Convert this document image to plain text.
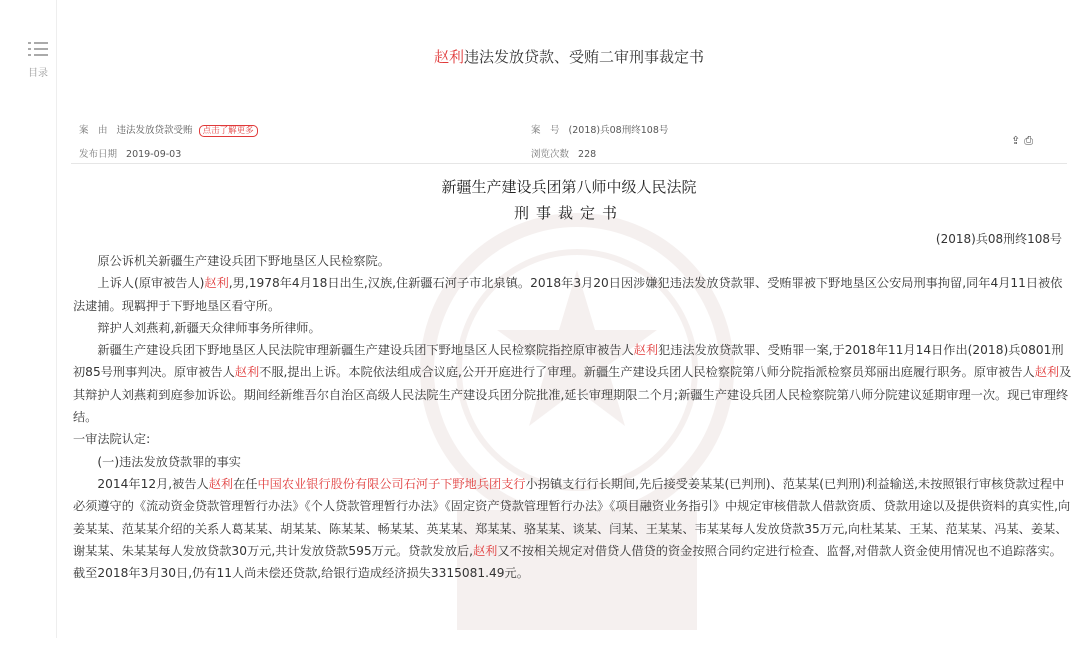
目录
赵利违法发放贷款、受贿二审刑事裁定书
案　由 违法发放贷款受贿 点击了解更多	案　号 (2018)兵08刑终108号
发布日期 2019-09-03	浏览次数 228
⇪ ⎙
新疆生产建设兵团第八师中级人民法院
刑事裁定书
(2018)兵08刑终108号

原公诉机关新疆生产建设兵团下野地垦区人民检察院。

上诉人(原审被告人)赵利,男,1978年4月18日出生,汉族,住新疆石河子市北泉镇。2018年3月20日因涉嫌犯违法发放贷款罪、受贿罪被下野地垦区公安局刑事拘留,同年4月11日被依法逮捕。现羁押于下野地垦区看守所。

辩护人刘燕莉,新疆天众律师事务所律师。

新疆生产建设兵团下野地垦区人民法院审理新疆生产建设兵团下野地垦区人民检察院指控原审被告人赵利犯违法发放贷款罪、受贿罪一案,于2018年11月14日作出(2018)兵0801刑初85号刑事判决。原审被告人赵利不服,提出上诉。本院依法组成合议庭,公开开庭进行了审理。新疆生产建设兵团人民检察院第八师分院指派检察员郑丽出庭履行职务。原审被告人赵利及其辩护人刘燕莉到庭参加诉讼。期间经新维吾尔自治区高级人民法院生产建设兵团分院批准,延长审理期限二个月;新疆生产建设兵团人民检察院第八师分院建议延期审理一次。现已审理终结。

一审法院认定:

(一)违法发放贷款罪的事实

2014年12月,被告人赵利在任中国农业银行股份有限公司石河子下野地兵团支行小拐镇支行行长期间,先后接受姜某某(已判刑)、范某某(已判刑)利益输送,未按照银行审核贷款过程中必须遵守的《流动资金贷款管理暂行办法》《个人贷款管理暂行办法》《固定资产贷款管理暂行办法》《项目融资业务指引》中规定审核借款人借款资质、贷款用途以及提供资料的真实性,向姜某某、范某某介绍的关系人葛某某、胡某某、陈某某、畅某某、英某某、郑某某、骆某某、谈某、闫某、王某某、韦某某每人发放贷款35万元,向杜某某、王某、范某某、冯某、姜某、谢某某、朱某某每人发放贷款30万元,共计发放贷款595万元。贷款发放后,赵利又不按相关规定对借贷人借贷的资金按照合同约定进行检查、监督,对借款人资金使用情况也不追踪落实。截至2018年3月30日,仍有11人尚未偿还贷款,给银行造成经济损失3315081.49元。
